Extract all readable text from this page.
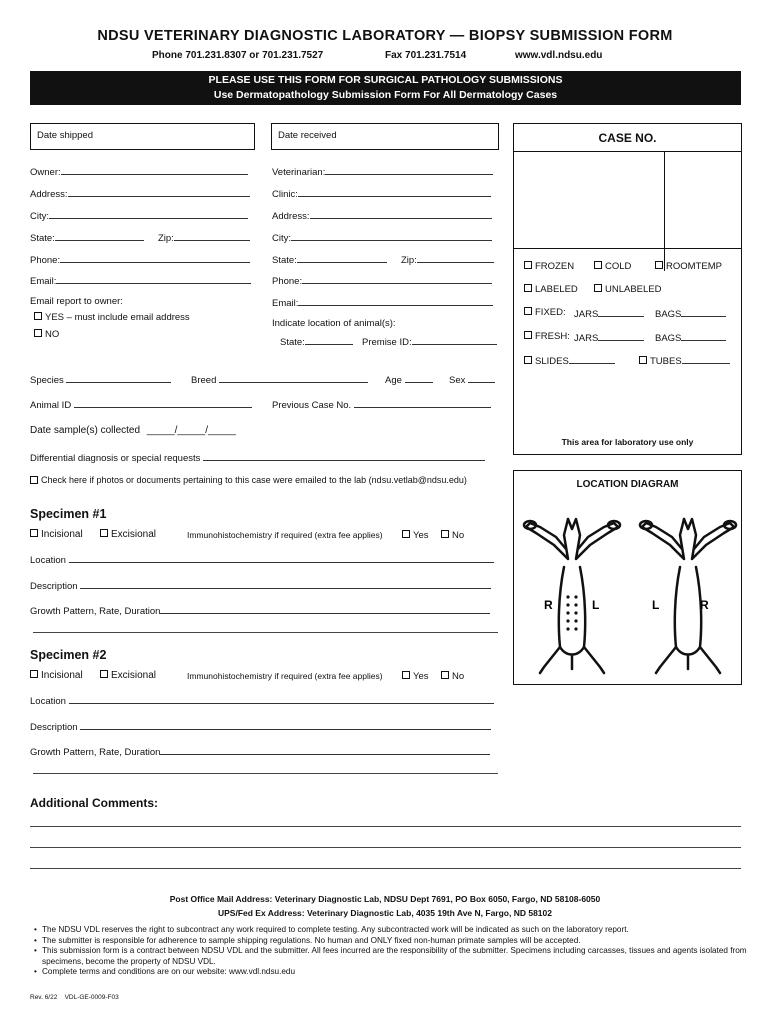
NDSU VETERINARY DIAGNOSTIC LABORATORY — BIOPSY SUBMISSION FORM
Phone 701.231.8307 or 701.231.7527	Fax 701.231.7514	www.vdl.ndsu.edu
PLEASE USE THIS FORM FOR SURGICAL PATHOLOGY SUBMISSIONS
Use Dermatopathology Submission Form For All Dermatology Cases
Date shipped	Date received
Owner:
Address:
City:
State:	Zip:
Phone:
Email:
Email report to owner:
YES – must include email address
NO
Veterinarian:
Clinic:
Address:
City:
State:	Zip:
Phone:
Email:
Indicate location of animal(s):
State:	Premise ID:
CASE NO.
FROZEN	COLD	ROOMTEMP
LABELED	UNLABELED
FIXED: JARS	BAGS
FRESH: JARS	BAGS
SLIDES	TUBES
This area for laboratory use only
Species	Breed	Age	Sex
Animal ID	Previous Case No.
Date sample(s) collected _____/_____/_____
Differential diagnosis or special requests
Check here if photos or documents pertaining to this case were emailed to the lab (ndsu.vetlab@ndsu.edu)
Specimen #1
Incisional	Excisional	Immunohistochemistry if required (extra fee applies)	Yes	No
Location
Description
Growth Pattern, Rate, Duration
Specimen #2
Incisional	Excisional	Immunohistochemistry if required (extra fee applies)	Yes	No
Location
Description
Growth Pattern, Rate, Duration
LOCATION DIAGRAM
R	L	L	R
Additional Comments:
Post Office Mail Address: Veterinary Diagnostic Lab, NDSU Dept 7691, PO Box 6050, Fargo, ND 58108-6050
UPS/Fed Ex Address: Veterinary Diagnostic Lab, 4035 19th Ave N, Fargo, ND 58102
• The NDSU VDL reserves the right to subcontract any work required to complete testing. Any subcontracted work will be indicated as such on the laboratory report.
• The submitter is responsible for adherence to sample shipping regulations. No human and ONLY fixed non-human primate samples will be accepted.
• This submission form is a contract between NDSU VDL and the submitter. All fees incurred are the responsibility of the submitter. Specimens including carcasses, tissues and agents isolated from specimens, become the property of NDSU VDL.
• Complete terms and conditions are on our website: www.vdl.ndsu.edu
Rev. 6/22    VDL-GE-0009-F03
